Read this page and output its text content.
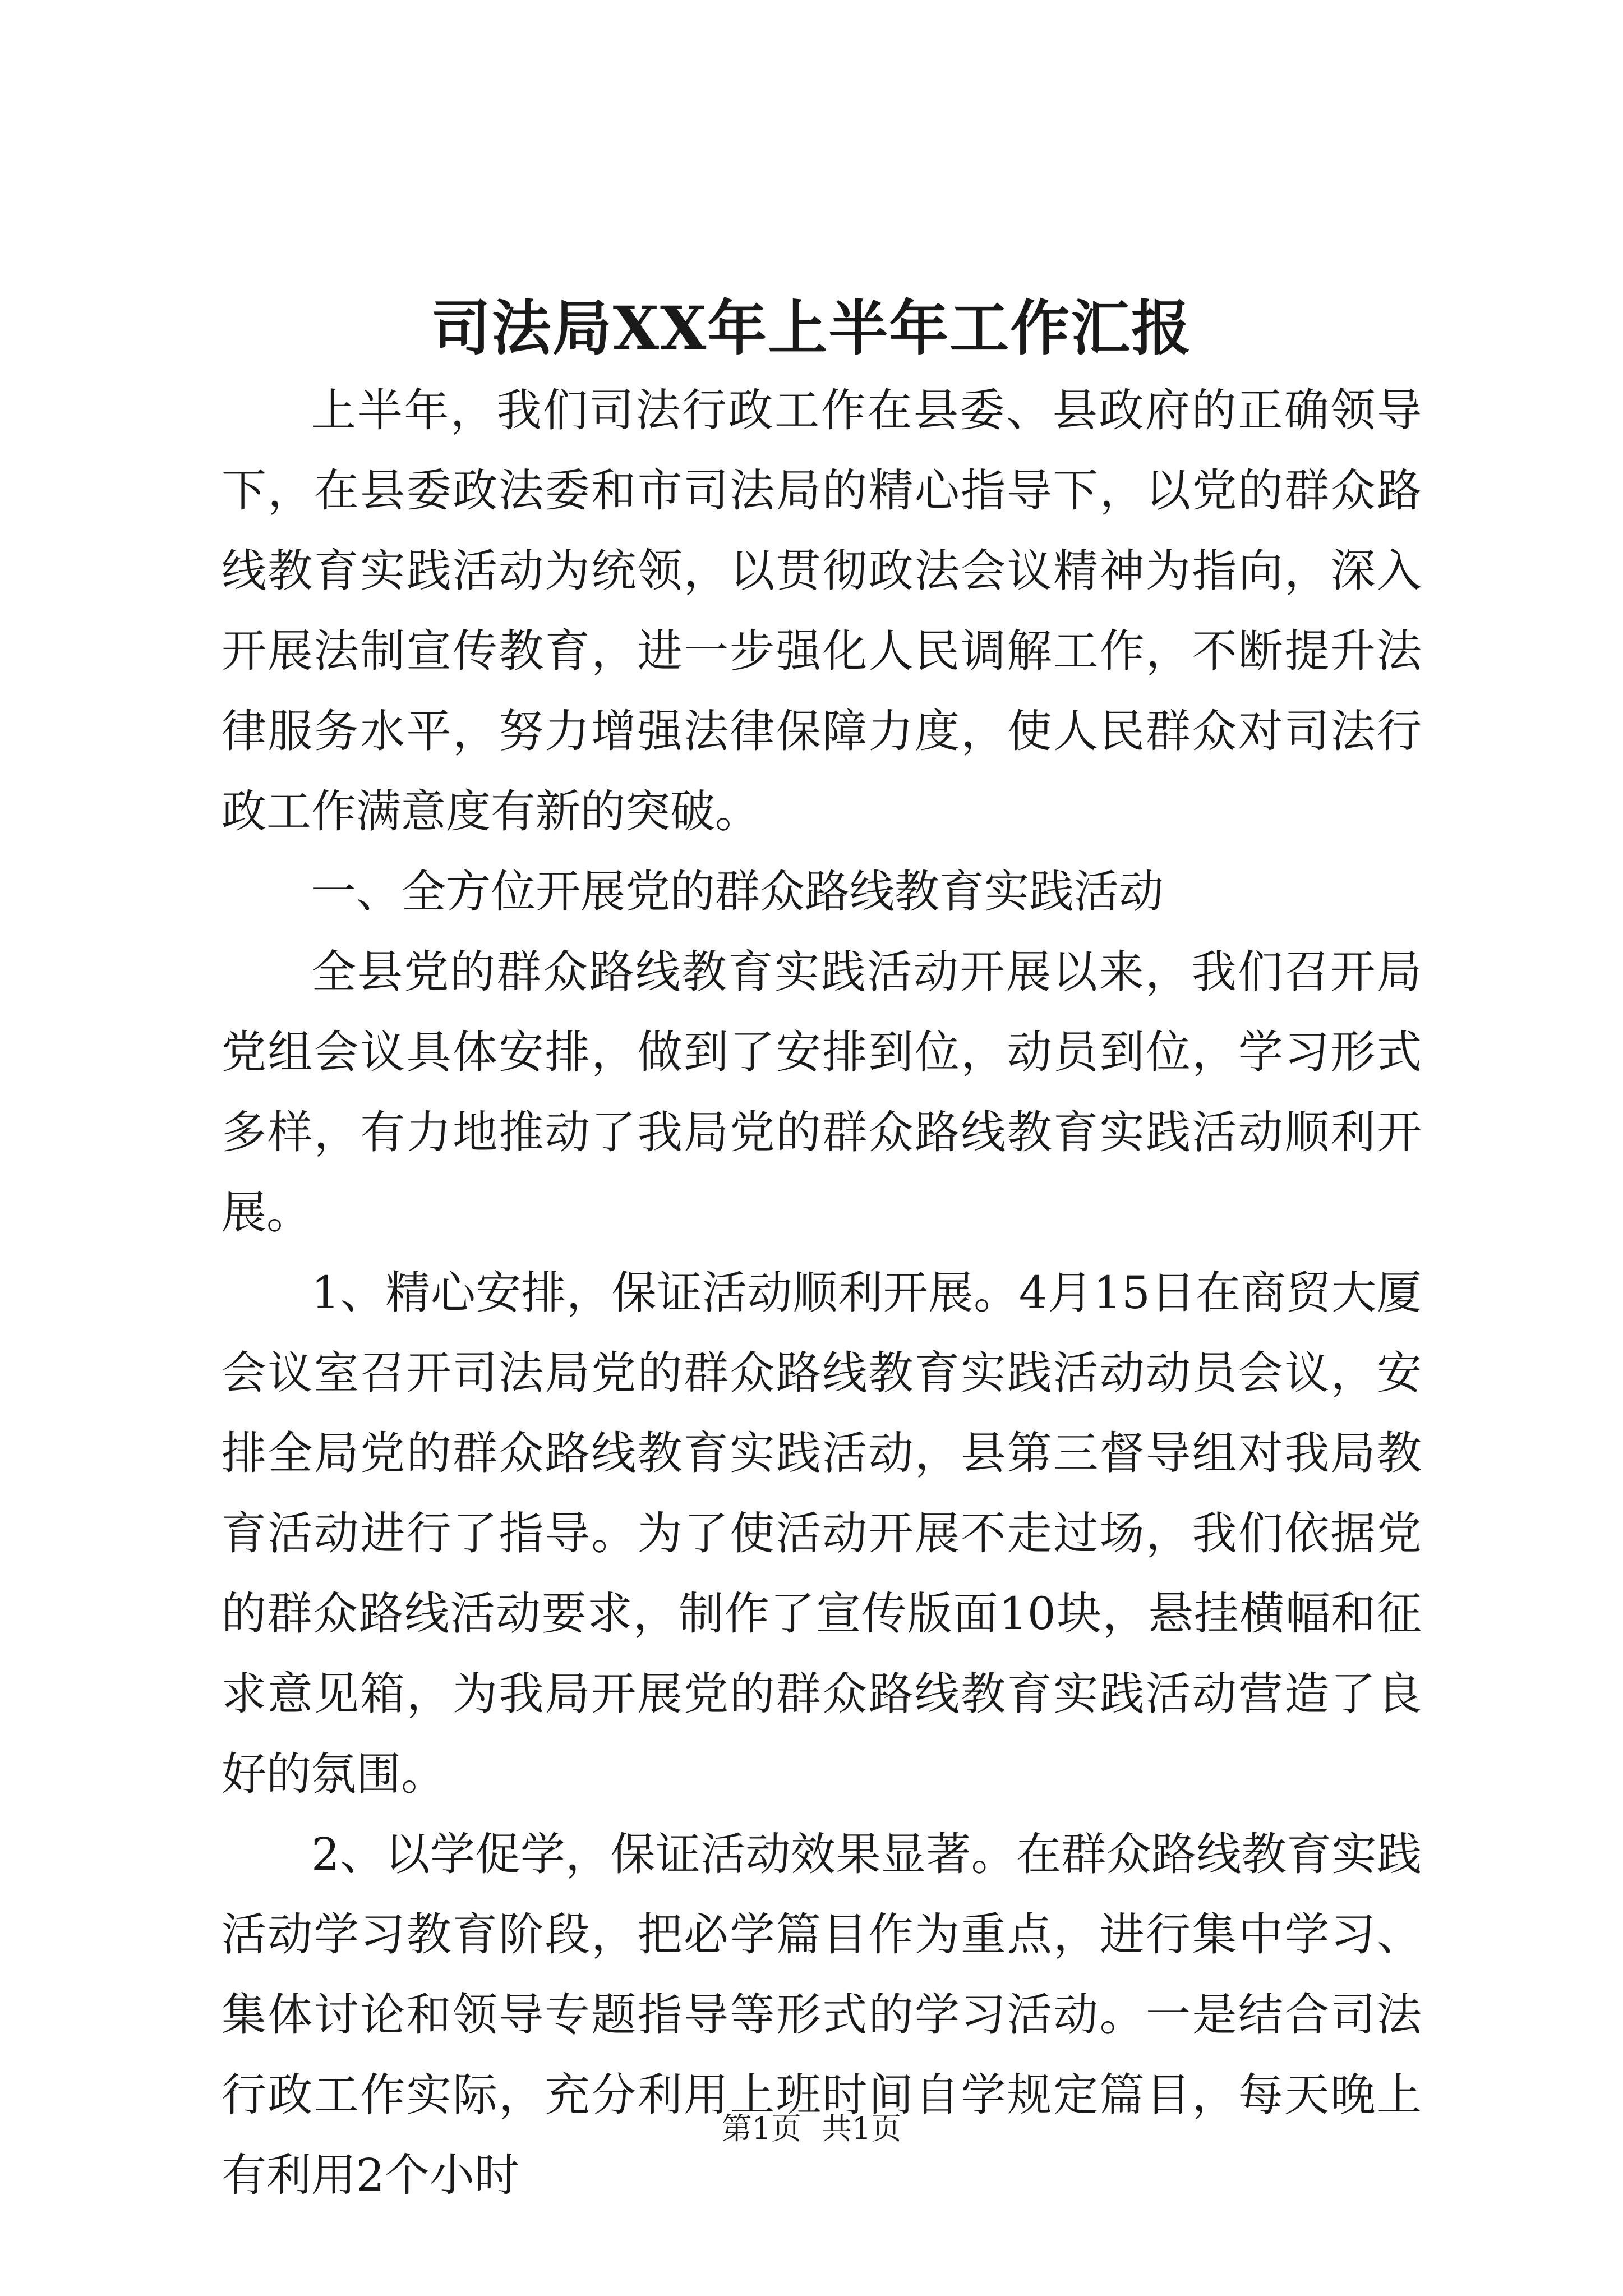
司法局XX年上半年工作汇报

上半年，我们司法行政工作在县委、县政府的正确领导下，在县委政法委和市司法局的精心指导下，以党的群众路线教育实践活动为统领，以贯彻政法会议精神为指向，深入开展法制宣传教育，进一步强化人民调解工作，不断提升法律服务水平，努力增强法律保障力度，使人民群众对司法行政工作满意度有新的突破。

一、全方位开展党的群众路线教育实践活动

全县党的群众路线教育实践活动开展以来，我们召开局党组会议具体安排，做到了安排到位，动员到位，学习形式多样，有力地推动了我局党的群众路线教育实践活动顺利开展。

1、精心安排，保证活动顺利开展。4月15日在商贸大厦会议室召开司法局党的群众路线教育实践活动动员会议，安排全局党的群众路线教育实践活动，县第三督导组对我局教育活动进行了指导。为了使活动开展不走过场，我们依据党的群众路线活动要求，制作了宣传版面10块，悬挂横幅和征求意见箱，为我局开展党的群众路线教育实践活动营造了良好的氛围。

2、以学促学，保证活动效果显著。在群众路线教育实践活动学习教育阶段，把必学篇目作为重点，进行集中学习、集体讨论和领导专题指导等形式的学习活动。一是结合司法行政工作实际，充分利用上班时间自学规定篇目，每天晚上有利用2个小时

第1页 共1页
